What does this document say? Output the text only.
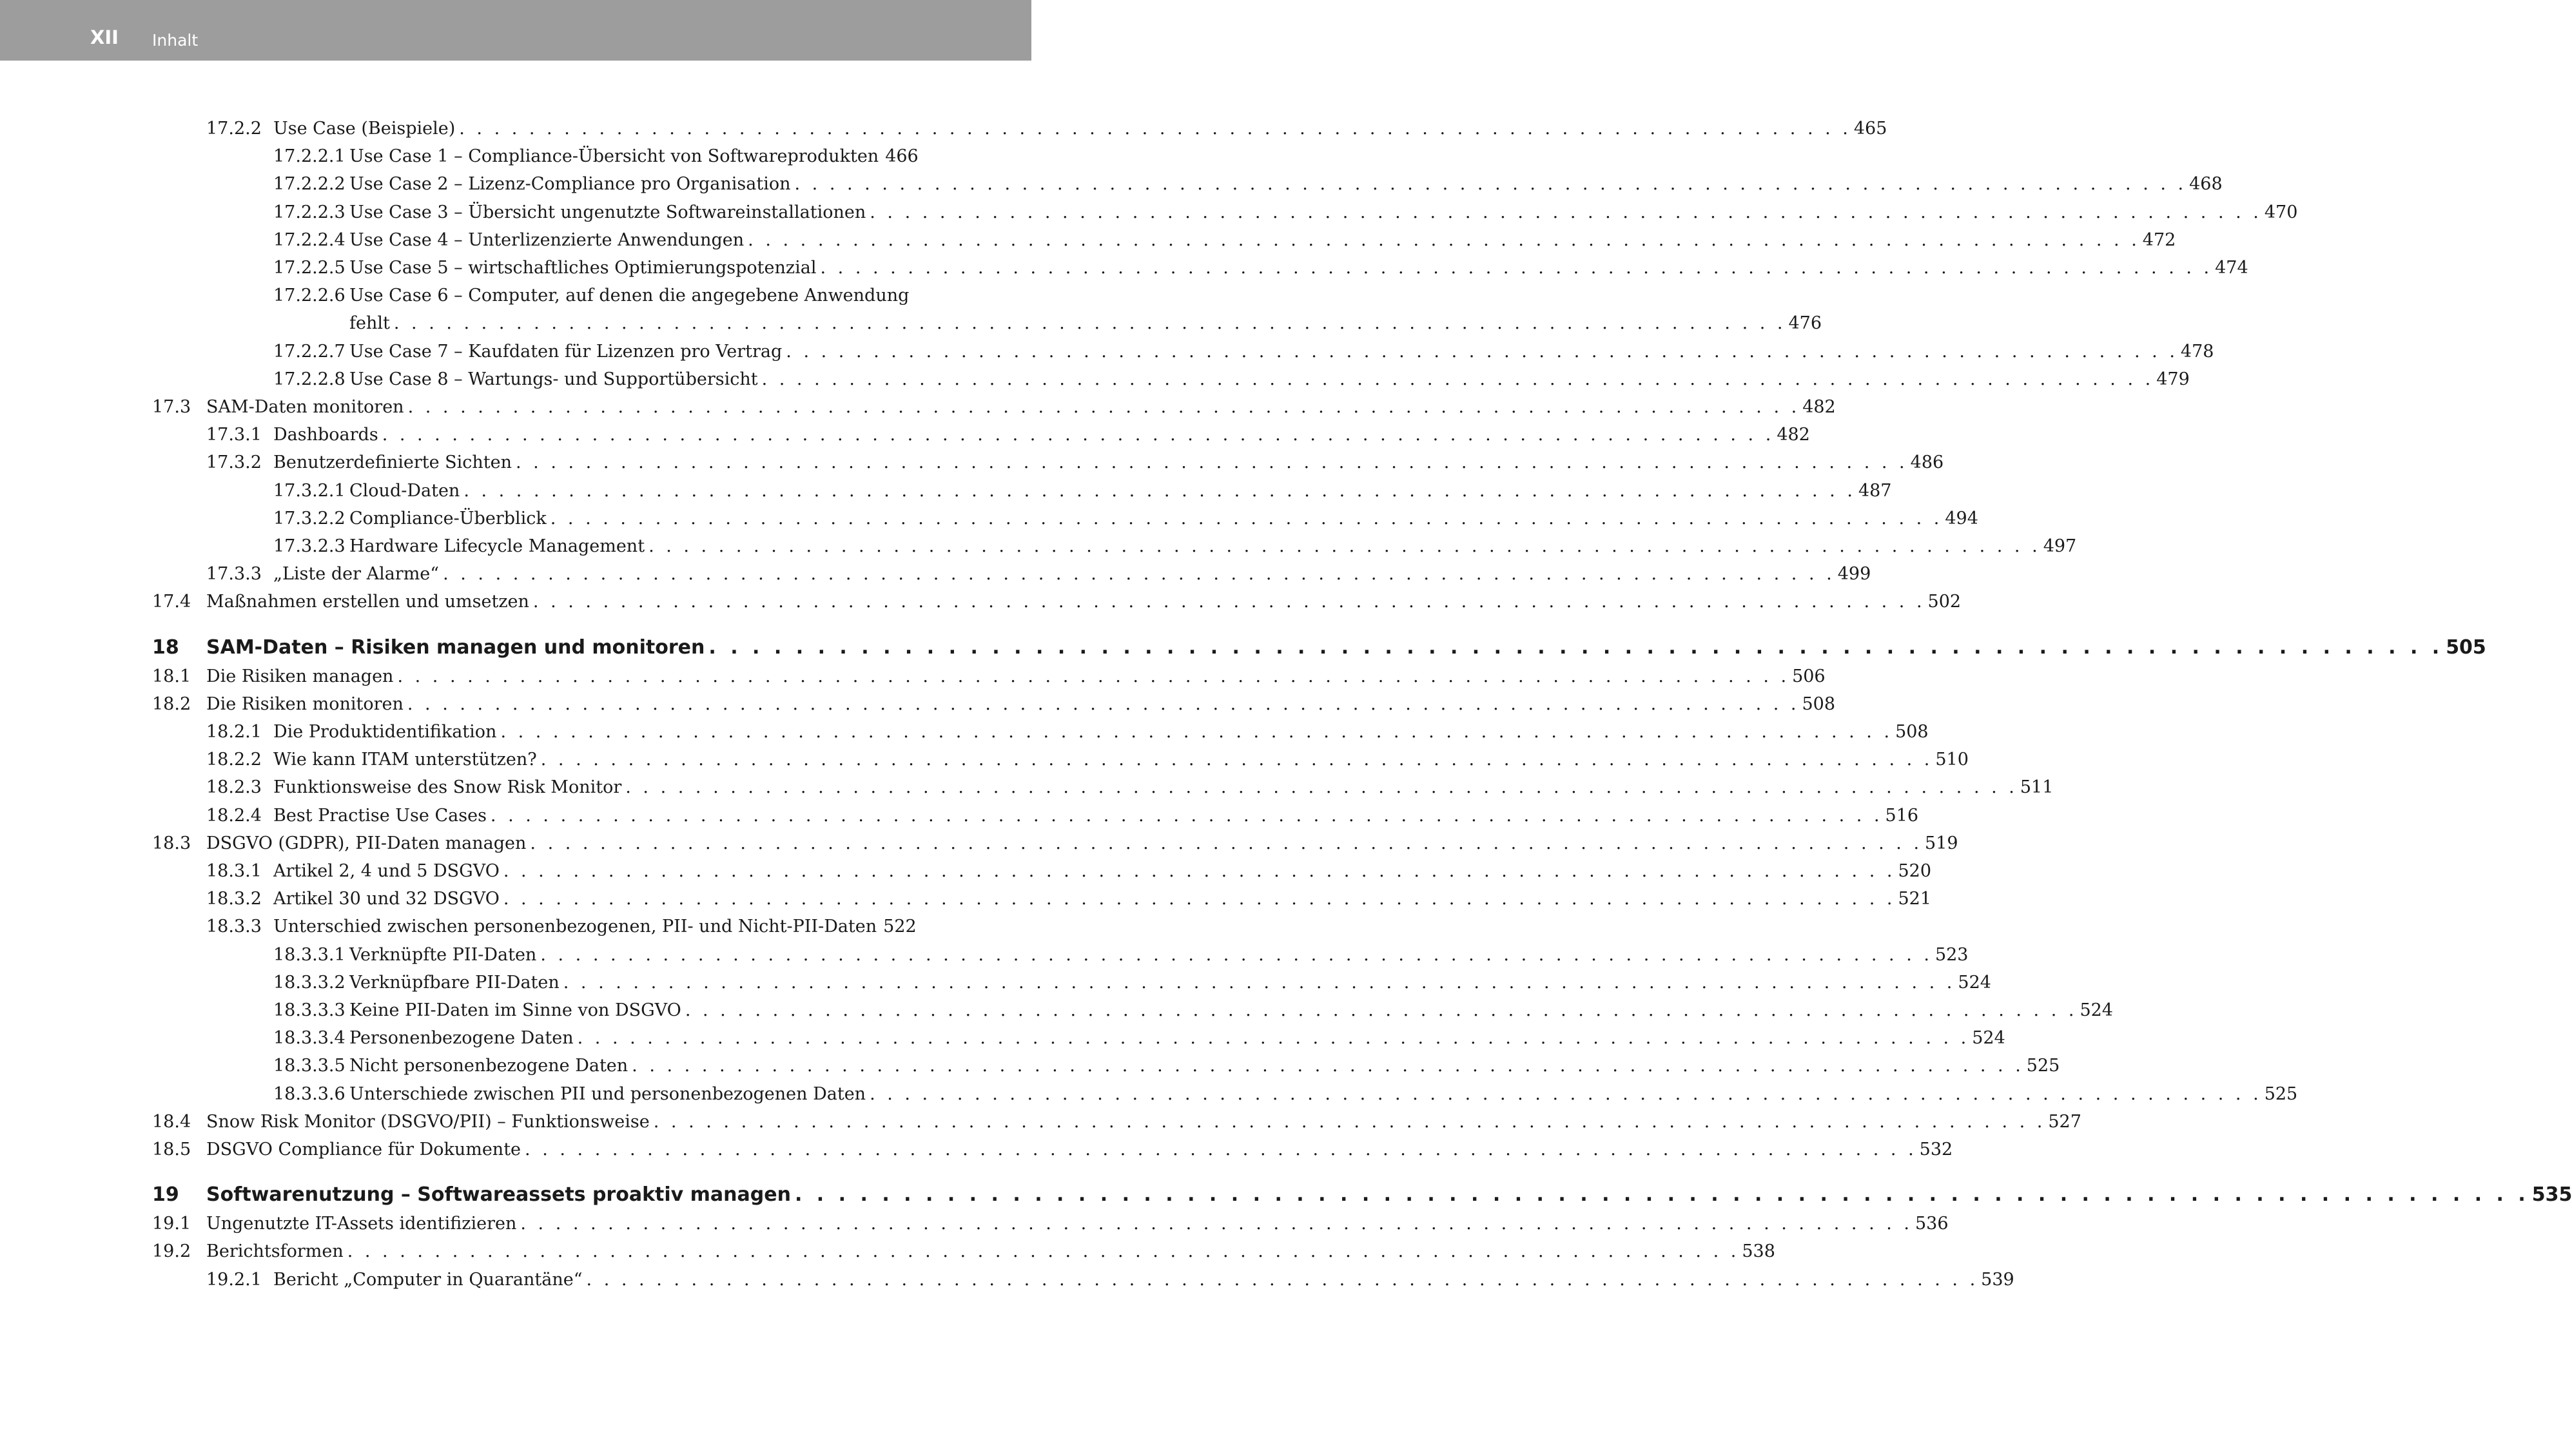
XII Inhalt
17.2.2 Use Case (Beispiele) . . . . . . . . . . . . . . . . . . . . . . . . . . . . . . . . . . . . . . . . . . . . . . . . . . . . . . . . . . . . . . . . . . . . . . . . . . . . . . . . 465
17.2.2.1 Use Case 1 – Compliance-Übersicht von Softwareprodukten 466
17.2.2.2 Use Case 2 – Lizenz-Compliance pro Organisation . . . . . . . . . . . . . . . . . . . . . . . . . . . . . . . . . . . . . . . . . . . . . . . . . . . . . . . . . . . . . . . . . . . . . . . . . . . . . . . . 468
17.2.2.3 Use Case 3 – Übersicht ungenutzte Softwareinstallationen . . . . . . . . . . . . . . . . . . . . . . . . . . . . . . . . . . . . . . . . . . . . . . . . . . . . . . . . . . . . . . . . . . . . . . . . . . . . . . . . 470
17.2.2.4 Use Case 4 – Unterlizenzierte Anwendungen . . . . . . . . . . . . . . . . . . . . . . . . . . . . . . . . . . . . . . . . . . . . . . . . . . . . . . . . . . . . . . . . . . . . . . . . . . . . . . . . 472
17.2.2.5 Use Case 5 – wirtschaftliches Optimierungspotenzial . . . . . . . . . . . . . . . . . . . . . . . . . . . . . . . . . . . . . . . . . . . . . . . . . . . . . . . . . . . . . . . . . . . . . . . . . . . . . . . . 474
17.2.2.6 Use Case 6 – Computer, auf denen die angegebene Anwendung
fehlt . . . . . . . . . . . . . . . . . . . . . . . . . . . . . . . . . . . . . . . . . . . . . . . . . . . . . . . . . . . . . . . . . . . . . . . . . . . . . . . . 476
17.2.2.7 Use Case 7 – Kaufdaten für Lizenzen pro Vertrag . . . . . . . . . . . . . . . . . . . . . . . . . . . . . . . . . . . . . . . . . . . . . . . . . . . . . . . . . . . . . . . . . . . . . . . . . . . . . . . . 478
17.2.2.8 Use Case 8 – Wartungs- und Supportübersicht . . . . . . . . . . . . . . . . . . . . . . . . . . . . . . . . . . . . . . . . . . . . . . . . . . . . . . . . . . . . . . . . . . . . . . . . . . . . . . . . 479
17.3 SAM-Daten monitoren . . . . . . . . . . . . . . . . . . . . . . . . . . . . . . . . . . . . . . . . . . . . . . . . . . . . . . . . . . . . . . . . . . . . . . . . . . . . . . . . 482
17.3.1 Dashboards . . . . . . . . . . . . . . . . . . . . . . . . . . . . . . . . . . . . . . . . . . . . . . . . . . . . . . . . . . . . . . . . . . . . . . . . . . . . . . . . 482
17.3.2 Benutzerdefinierte Sichten . . . . . . . . . . . . . . . . . . . . . . . . . . . . . . . . . . . . . . . . . . . . . . . . . . . . . . . . . . . . . . . . . . . . . . . . . . . . . . . . 486
17.3.2.1 Cloud-Daten . . . . . . . . . . . . . . . . . . . . . . . . . . . . . . . . . . . . . . . . . . . . . . . . . . . . . . . . . . . . . . . . . . . . . . . . . . . . . . . . 487
17.3.2.2 Compliance-Überblick . . . . . . . . . . . . . . . . . . . . . . . . . . . . . . . . . . . . . . . . . . . . . . . . . . . . . . . . . . . . . . . . . . . . . . . . . . . . . . . . 494
17.3.2.3 Hardware Lifecycle Management . . . . . . . . . . . . . . . . . . . . . . . . . . . . . . . . . . . . . . . . . . . . . . . . . . . . . . . . . . . . . . . . . . . . . . . . . . . . . . . . 497
17.3.3 „Liste der Alarme“ . . . . . . . . . . . . . . . . . . . . . . . . . . . . . . . . . . . . . . . . . . . . . . . . . . . . . . . . . . . . . . . . . . . . . . . . . . . . . . . . 499
17.4 Maßnahmen erstellen und umsetzen . . . . . . . . . . . . . . . . . . . . . . . . . . . . . . . . . . . . . . . . . . . . . . . . . . . . . . . . . . . . . . . . . . . . . . . . . . . . . . . . 502
18 SAM-Daten – Risiken managen und monitoren . . . . . . . . . . . . . . . . . . . . . . . . . . . . . . . . . . . . . . . . . . . . . . . . . . . . . . . . . . . . . . . . . . . . . . . . . . . . . . . . 505
18.1 Die Risiken managen . . . . . . . . . . . . . . . . . . . . . . . . . . . . . . . . . . . . . . . . . . . . . . . . . . . . . . . . . . . . . . . . . . . . . . . . . . . . . . . . 506
18.2 Die Risiken monitoren . . . . . . . . . . . . . . . . . . . . . . . . . . . . . . . . . . . . . . . . . . . . . . . . . . . . . . . . . . . . . . . . . . . . . . . . . . . . . . . . 508
18.2.1 Die Produktidentifikation . . . . . . . . . . . . . . . . . . . . . . . . . . . . . . . . . . . . . . . . . . . . . . . . . . . . . . . . . . . . . . . . . . . . . . . . . . . . . . . . 508
18.2.2 Wie kann ITAM unterstützen? . . . . . . . . . . . . . . . . . . . . . . . . . . . . . . . . . . . . . . . . . . . . . . . . . . . . . . . . . . . . . . . . . . . . . . . . . . . . . . . . 510
18.2.3 Funktionsweise des Snow Risk Monitor . . . . . . . . . . . . . . . . . . . . . . . . . . . . . . . . . . . . . . . . . . . . . . . . . . . . . . . . . . . . . . . . . . . . . . . . . . . . . . . . 511
18.2.4 Best Practise Use Cases . . . . . . . . . . . . . . . . . . . . . . . . . . . . . . . . . . . . . . . . . . . . . . . . . . . . . . . . . . . . . . . . . . . . . . . . . . . . . . . . 516
18.3 DSGVO (GDPR), PII-Daten managen . . . . . . . . . . . . . . . . . . . . . . . . . . . . . . . . . . . . . . . . . . . . . . . . . . . . . . . . . . . . . . . . . . . . . . . . . . . . . . . . 519
18.3.1 Artikel 2, 4 und 5 DSGVO . . . . . . . . . . . . . . . . . . . . . . . . . . . . . . . . . . . . . . . . . . . . . . . . . . . . . . . . . . . . . . . . . . . . . . . . . . . . . . . . 520
18.3.2 Artikel 30 und 32 DSGVO . . . . . . . . . . . . . . . . . . . . . . . . . . . . . . . . . . . . . . . . . . . . . . . . . . . . . . . . . . . . . . . . . . . . . . . . . . . . . . . . 521
18.3.3 Unterschied zwischen personenbezogenen, PII- und Nicht-PII-Daten 522
18.3.3.1 Verknüpfte PII-Daten . . . . . . . . . . . . . . . . . . . . . . . . . . . . . . . . . . . . . . . . . . . . . . . . . . . . . . . . . . . . . . . . . . . . . . . . . . . . . . . . 523
18.3.3.2 Verknüpfbare PII-Daten . . . . . . . . . . . . . . . . . . . . . . . . . . . . . . . . . . . . . . . . . . . . . . . . . . . . . . . . . . . . . . . . . . . . . . . . . . . . . . . . 524
18.3.3.3 Keine PII-Daten im Sinne von DSGVO . . . . . . . . . . . . . . . . . . . . . . . . . . . . . . . . . . . . . . . . . . . . . . . . . . . . . . . . . . . . . . . . . . . . . . . . . . . . . . . . 524
18.3.3.4 Personenbezogene Daten . . . . . . . . . . . . . . . . . . . . . . . . . . . . . . . . . . . . . . . . . . . . . . . . . . . . . . . . . . . . . . . . . . . . . . . . . . . . . . . . 524
18.3.3.5 Nicht personenbezogene Daten . . . . . . . . . . . . . . . . . . . . . . . . . . . . . . . . . . . . . . . . . . . . . . . . . . . . . . . . . . . . . . . . . . . . . . . . . . . . . . . . 525
18.3.3.6 Unterschiede zwischen PII und personenbezogenen Daten . . . . . . . . . . . . . . . . . . . . . . . . . . . . . . . . . . . . . . . . . . . . . . . . . . . . . . . . . . . . . . . . . . . . . . . . . . . . . . . . 525
18.4 Snow Risk Monitor (DSGVO/PII) – Funktionsweise . . . . . . . . . . . . . . . . . . . . . . . . . . . . . . . . . . . . . . . . . . . . . . . . . . . . . . . . . . . . . . . . . . . . . . . . . . . . . . . . 527
18.5 DSGVO Compliance für Dokumente . . . . . . . . . . . . . . . . . . . . . . . . . . . . . . . . . . . . . . . . . . . . . . . . . . . . . . . . . . . . . . . . . . . . . . . . . . . . . . . . 532
19 Softwarenutzung – Softwareassets proaktiv managen . . . . . . . . . . . . . . . . . . . . . . . . . . . . . . . . . . . . . . . . . . . . . . . . . . . . . . . . . . . . . . . . . . . . . . . . . . . . . . . . 535
19.1 Ungenutzte IT-Assets identifizieren . . . . . . . . . . . . . . . . . . . . . . . . . . . . . . . . . . . . . . . . . . . . . . . . . . . . . . . . . . . . . . . . . . . . . . . . . . . . . . . . 536
19.2 Berichtsformen . . . . . . . . . . . . . . . . . . . . . . . . . . . . . . . . . . . . . . . . . . . . . . . . . . . . . . . . . . . . . . . . . . . . . . . . . . . . . . . . 538
19.2.1 Bericht „Computer in Quarantäne“ . . . . . . . . . . . . . . . . . . . . . . . . . . . . . . . . . . . . . . . . . . . . . . . . . . . . . . . . . . . . . . . . . . . . . . . . . . . . . . . . 539
